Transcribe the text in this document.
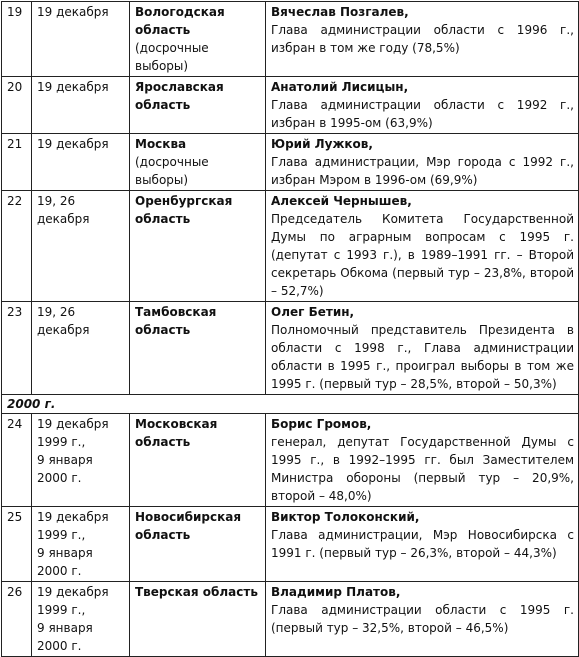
19	19 декабря	Вологодская область
(досрочные выборы)	Вячеслав Позгалев,
Глава администрации области с 1996 г., избран в том же году (78,5%)

20	19 декабря	Ярославская область	Анатолий Лисицын,
Глава администрации области с 1992 г., избран в 1995-ом (63,9%)

21	19 декабря	Москва
(досрочные выборы)	Юрий Лужков,
Глава администрации, Мэр города с 1992 г., избран Мэром в 1996-ом (69,9%)

22	19, 26
декабря	Оренбургская область	Алексей Чернышев,
Председатель Комитета Государственной Думы по аграрным вопросам с 1995 г. (депутат с 1993 г.), в 1989–1991 гг. – Второй секретарь Обкома (первый тур – 23,8%, второй – 52,7%)

23	19, 26
декабря	Тамбовская область	Олег Бетин,
Полномочный представитель Президента в области с 1998 г., Глава администрации области в 1995 г., проиграл выборы в том же 1995 г. (первый тур – 28,5%, второй – 50,3%)

2000 г.			
24	19 декабря
1999 г.,
9 января
2000 г.	Московская область	Борис Громов,
генерал, депутат Государственной Думы с 1995 г., в 1992–1995 гг. был Заместителем Министра обороны (первый тур – 20,9%, второй – 48,0%)

25	19 декабря
1999 г.,
9 января
2000 г.	Новосибирская область	Виктор Толоконский,
Глава администрации, Мэр Новосибирска с 1991 г. (первый тур – 26,3%, второй – 44,3%)

26	19 декабря
1999 г.,
9 января
2000 г.	Тверская область	Владимир Платов,
Глава администрации области с 1995 г. (первый тур – 32,5%, второй – 46,5%)
